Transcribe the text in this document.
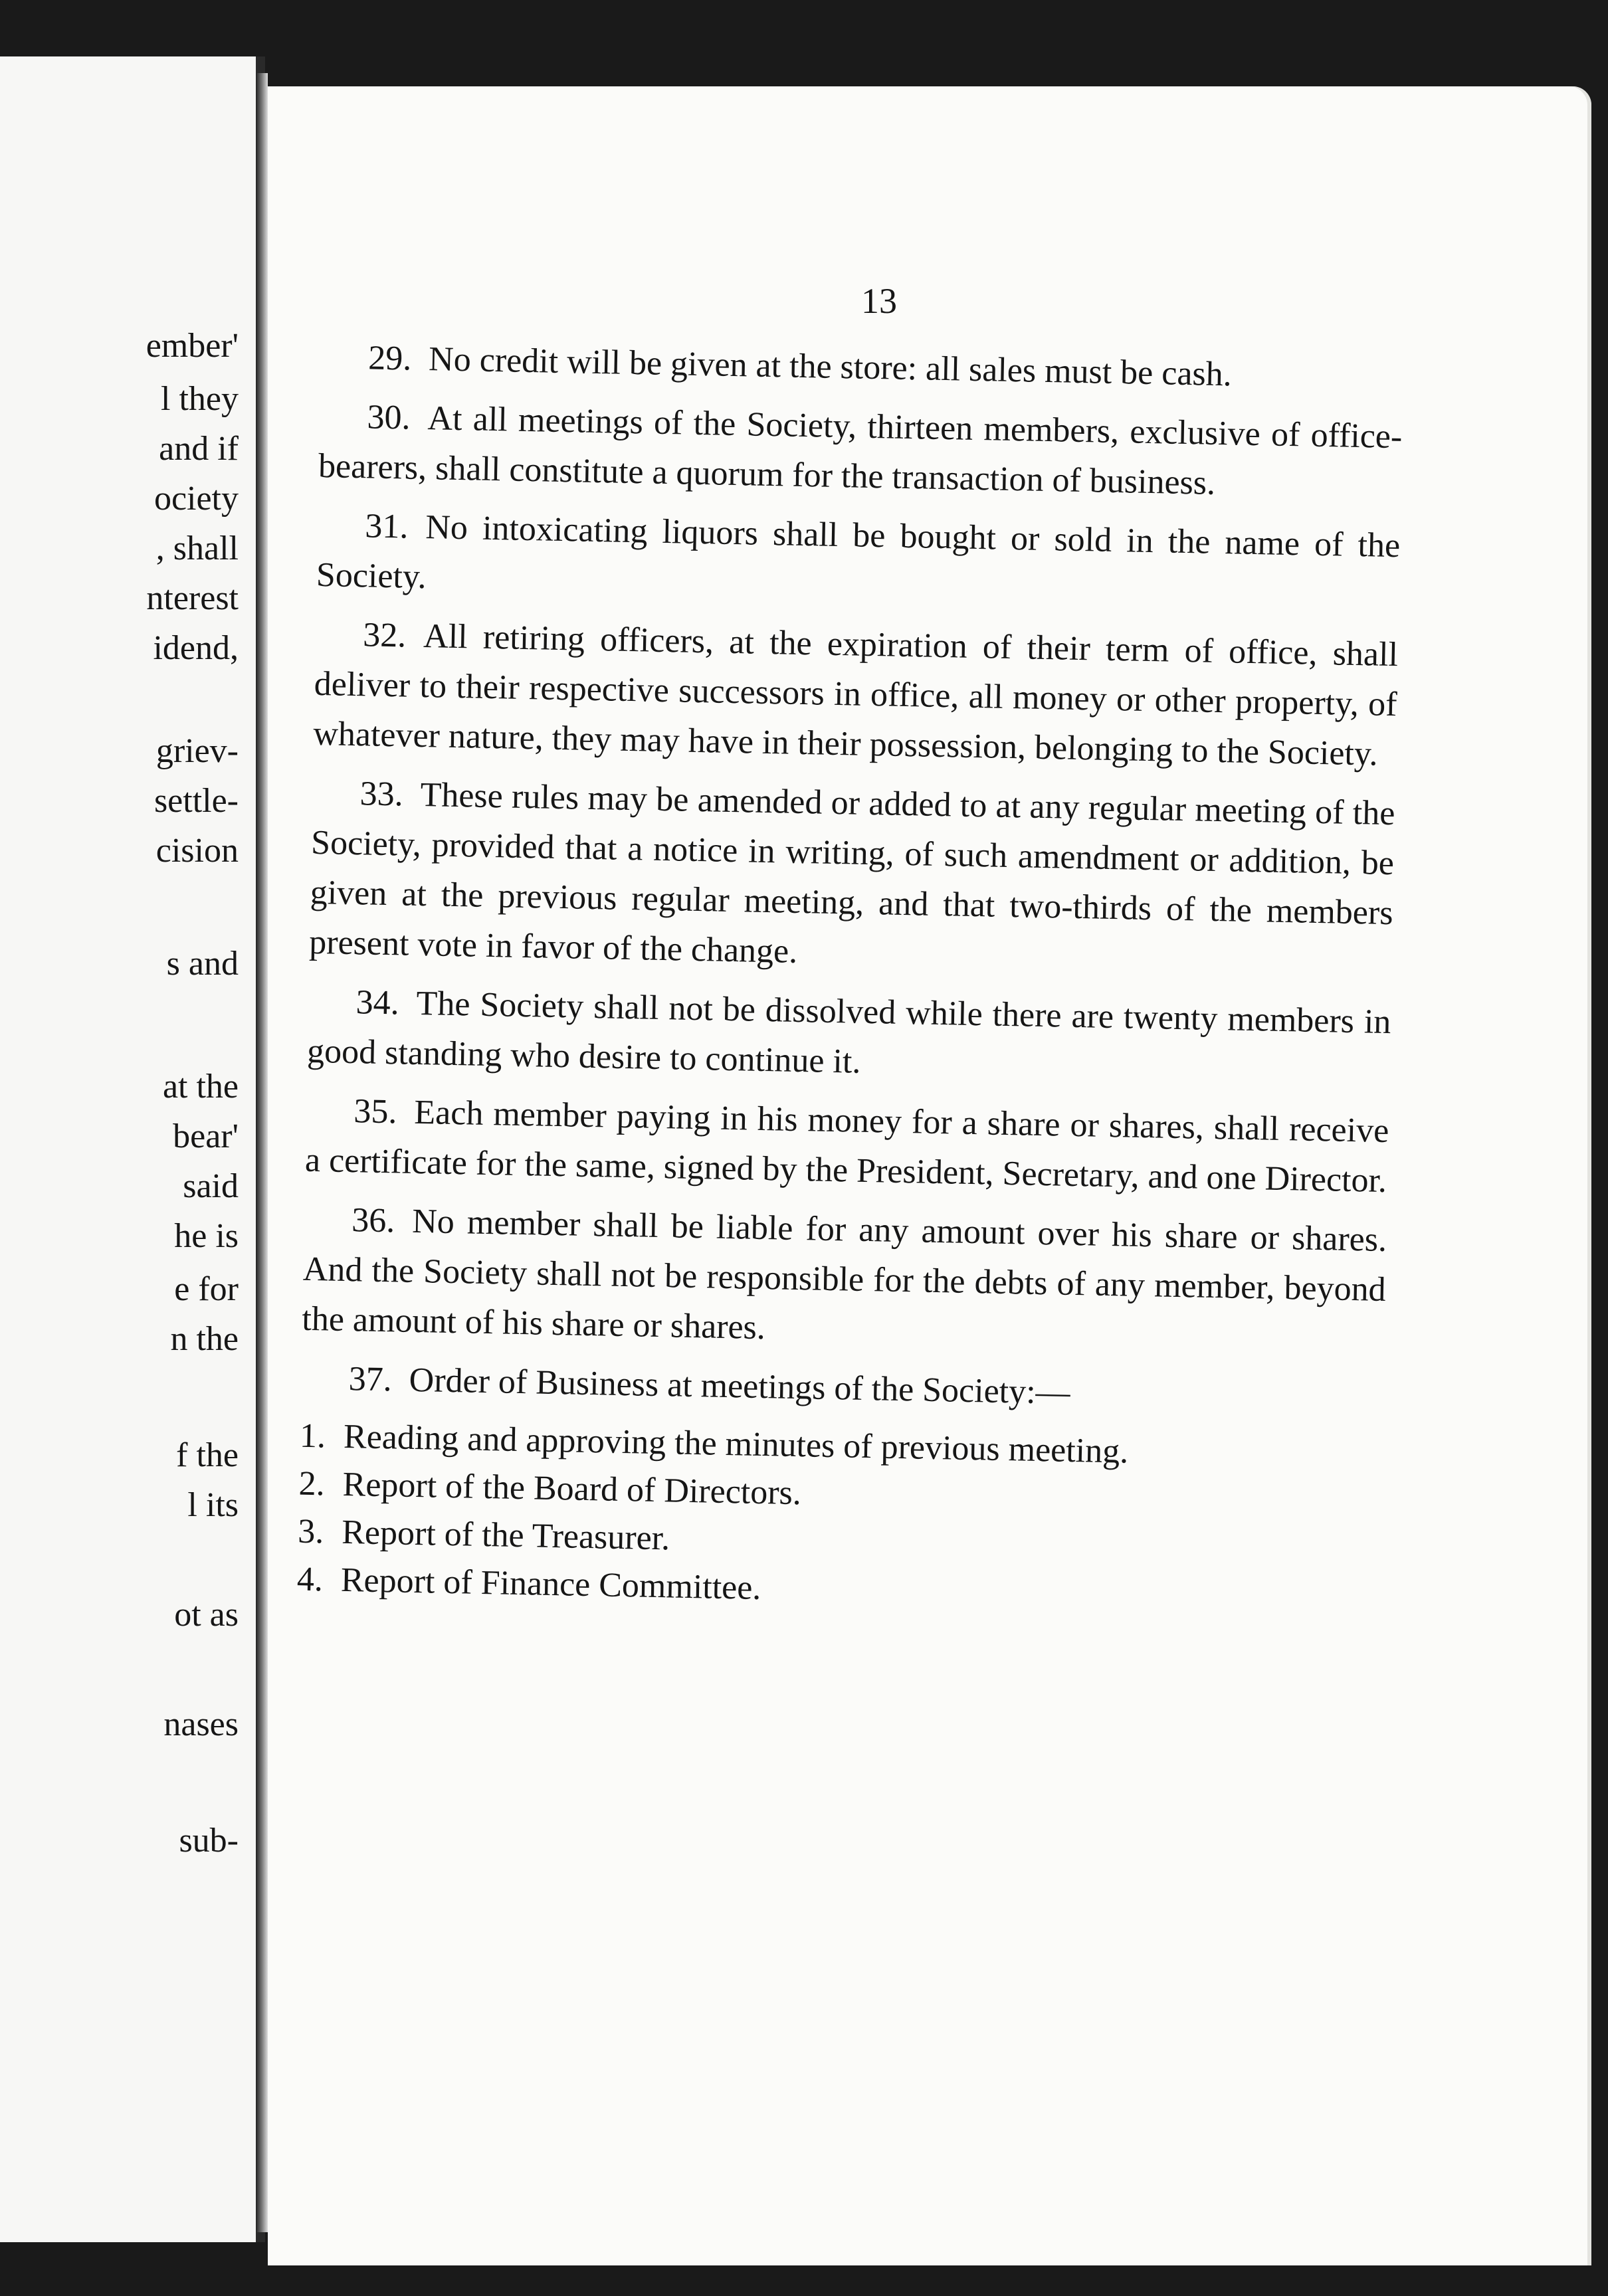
ember'
l they
and if
ociety
, shall
nterest
idend,
griev-
settle-
cision
s and
at the
bear'
said
he is
e for
n the
f the
l its
ot as
nases
sub-
13

29. No credit will be given at the store: all sales must be cash.

30. At all meetings of the Society, thirteen members, exclusive of office-bearers, shall constitute a quorum for the transaction of business.

31. No intoxicating liquors shall be bought or sold in the name of the Society.

32. All retiring officers, at the expiration of their term of office, shall deliver to their respective successors in office, all money or other property, of whatever nature, they may have in their possession, belonging to the Society.

33. These rules may be amended or added to at any regular meeting of the Society, provided that a notice in writing, of such amendment or addition, be given at the previous regular meeting, and that two-thirds of the members present vote in favor of the change.

34. The Society shall not be dissolved while there are twenty members in good standing who desire to continue it.

35. Each member paying in his money for a share or shares, shall receive a certificate for the same, signed by the President, Secretary, and one Director.

36. No member shall be liable for any amount over his share or shares. And the Society shall not be responsible for the debts of any member, beyond the amount of his share or shares.

37. Order of Business at meetings of the Society:—

1. Reading and approving the minutes of previous meeting.
2. Report of the Board of Directors.
3. Report of the Treasurer.
4. Report of Finance Committee.
